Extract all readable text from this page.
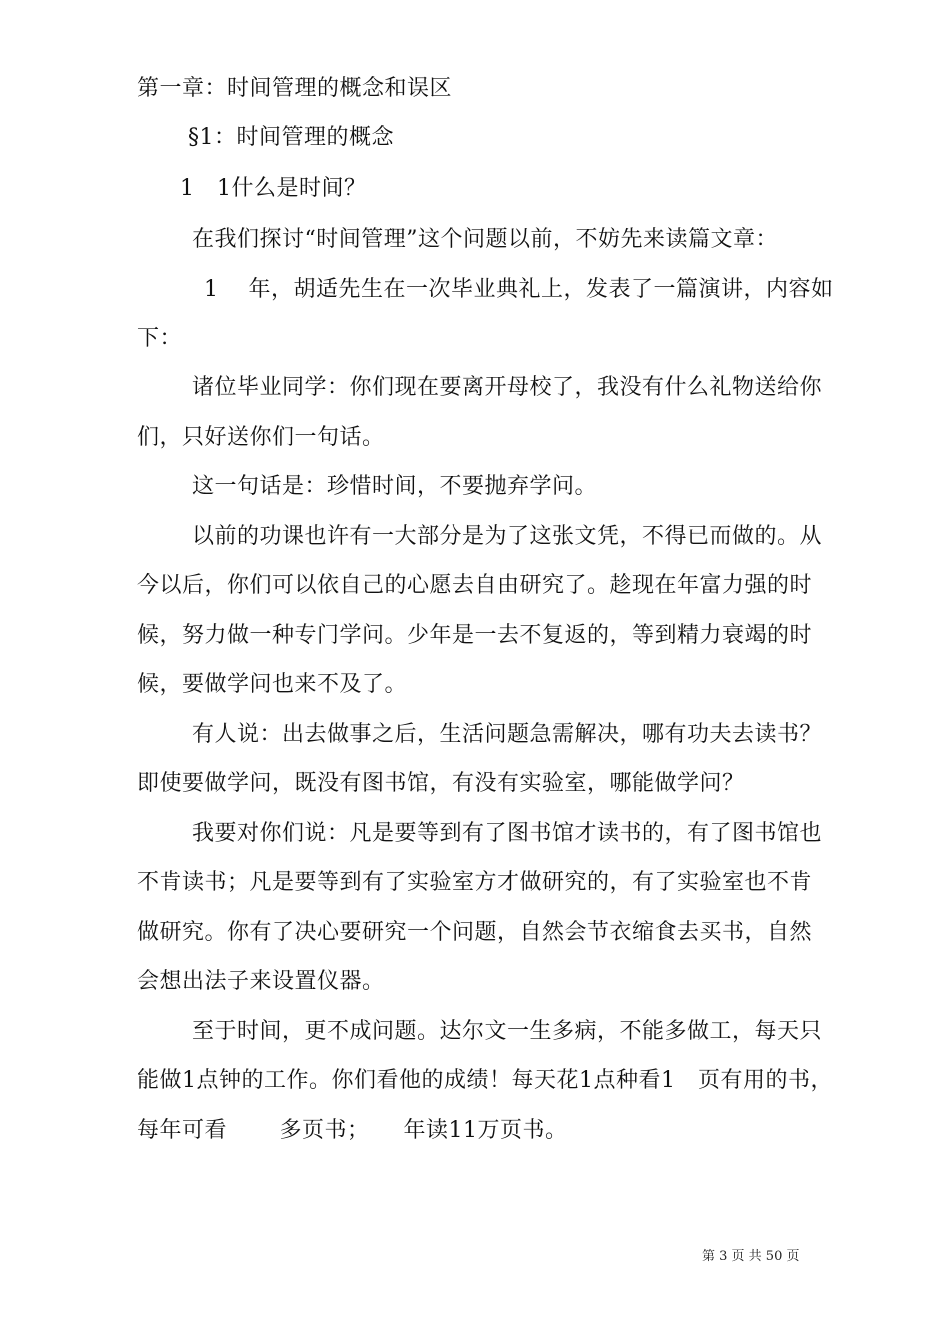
第一章：时间管理的概念和误区
§1：时间管理的概念
1　1什么是时间？
在我们探讨“时间管理”这个问题以前，不妨先来读篇文章：
1　 年，胡适先生在一次毕业典礼上，发表了一篇演讲，内容如
下：
诸位毕业同学：你们现在要离开母校了，我没有什么礼物送给你
们，只好送你们一句话。
这一句话是：珍惜时间，不要抛弃学问。
以前的功课也许有一大部分是为了这张文凭，不得已而做的。从
今以后，你们可以依自己的心愿去自由研究了。趁现在年富力强的时
候，努力做一种专门学问。少年是一去不复返的，等到精力衰竭的时
候，要做学问也来不及了。
有人说：出去做事之后，生活问题急需解决，哪有功夫去读书？
即使要做学问，既没有图书馆，有没有实验室，哪能做学问？
我要对你们说：凡是要等到有了图书馆才读书的，有了图书馆也
不肯读书；凡是要等到有了实验室方才做研究的，有了实验室也不肯
做研究。你有了决心要研究一个问题，自然会节衣缩食去买书，自然
会想出法子来设置仪器。
至于时间，更不成问题。达尔文一生多病，不能多做工，每天只
能做1点钟的工作。你们看他的成绩！每天花1点种看1　页有用的书，
每年可看　　 多页书；　　年读11万页书。
第 3 页 共 50 页
